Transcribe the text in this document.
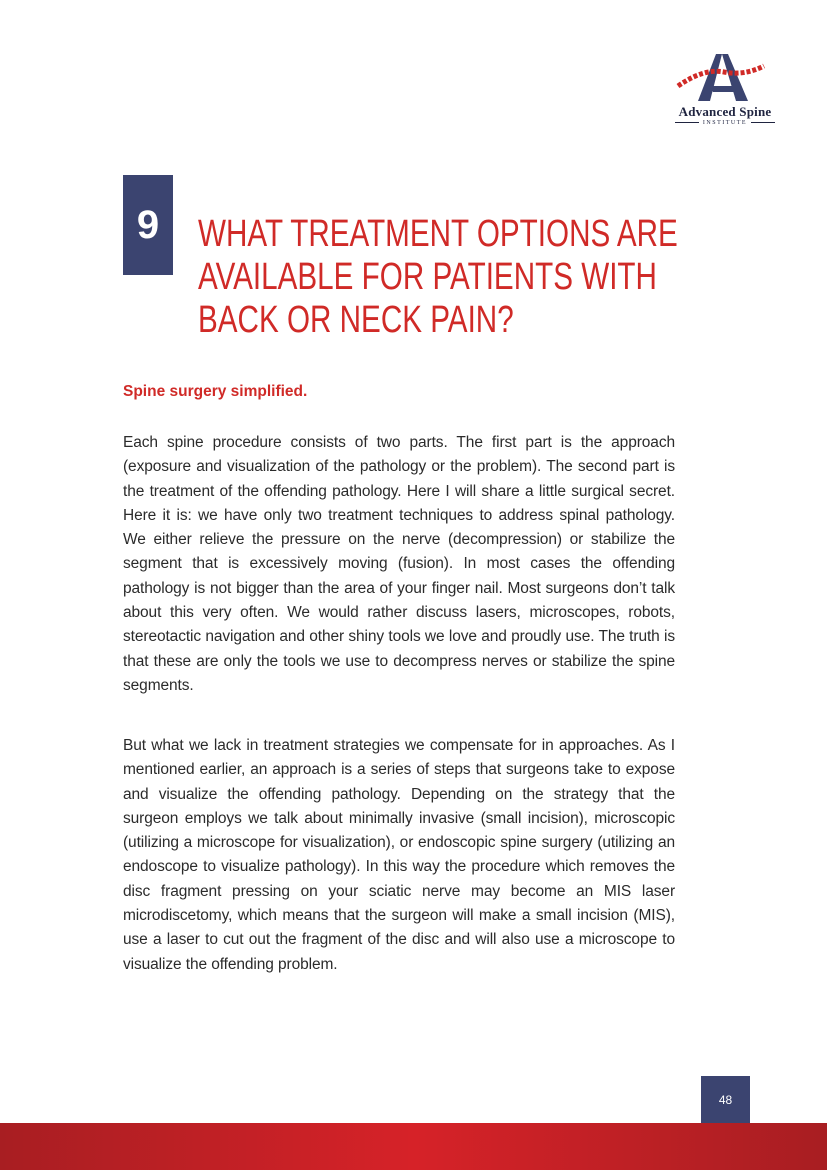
Advanced Spine
INSTITUTE
9	WHAT TREATMENT OPTIONS ARE AVAILABLE FOR PATIENTS WITH BACK OR NECK PAIN?

Spine surgery simplified.

Each spine procedure consists of two parts. The first part is the approach (exposure and visualization of the pathology or the problem). The second part is the treatment of the offending pathology. Here I will share a little surgical secret. Here it is: we have only two treatment techniques to address spinal pathology. We either relieve the pressure on the nerve (decompression) or stabilize the segment that is excessively moving (fusion). In most cases the offending pathology is not bigger than the area of your finger nail. Most surgeons don’t talk about this very often. We would rather discuss lasers, microscopes, robots, stereotactic navigation and other shiny tools we love and proudly use. The truth is that these are only the tools we use to decompress nerves or stabilize the spine segments.

But what we lack in treatment strategies we compensate for in approaches. As I mentioned earlier, an approach is a series of steps that surgeons take to expose and visualize the offending pathology. Depending on the strategy that the surgeon employs we talk about minimally invasive (small incision), microscopic (utilizing a microscope for visualization), or endoscopic spine surgery (utilizing an endoscope to visualize pathology). In this way the procedure which removes the disc fragment pressing on your sciatic nerve may become an MIS laser microdiscetomy, which means that the surgeon will make a small incision (MIS), use a laser to cut out the fragment of the disc and will also use a microscope to visualize the offending problem.

48
